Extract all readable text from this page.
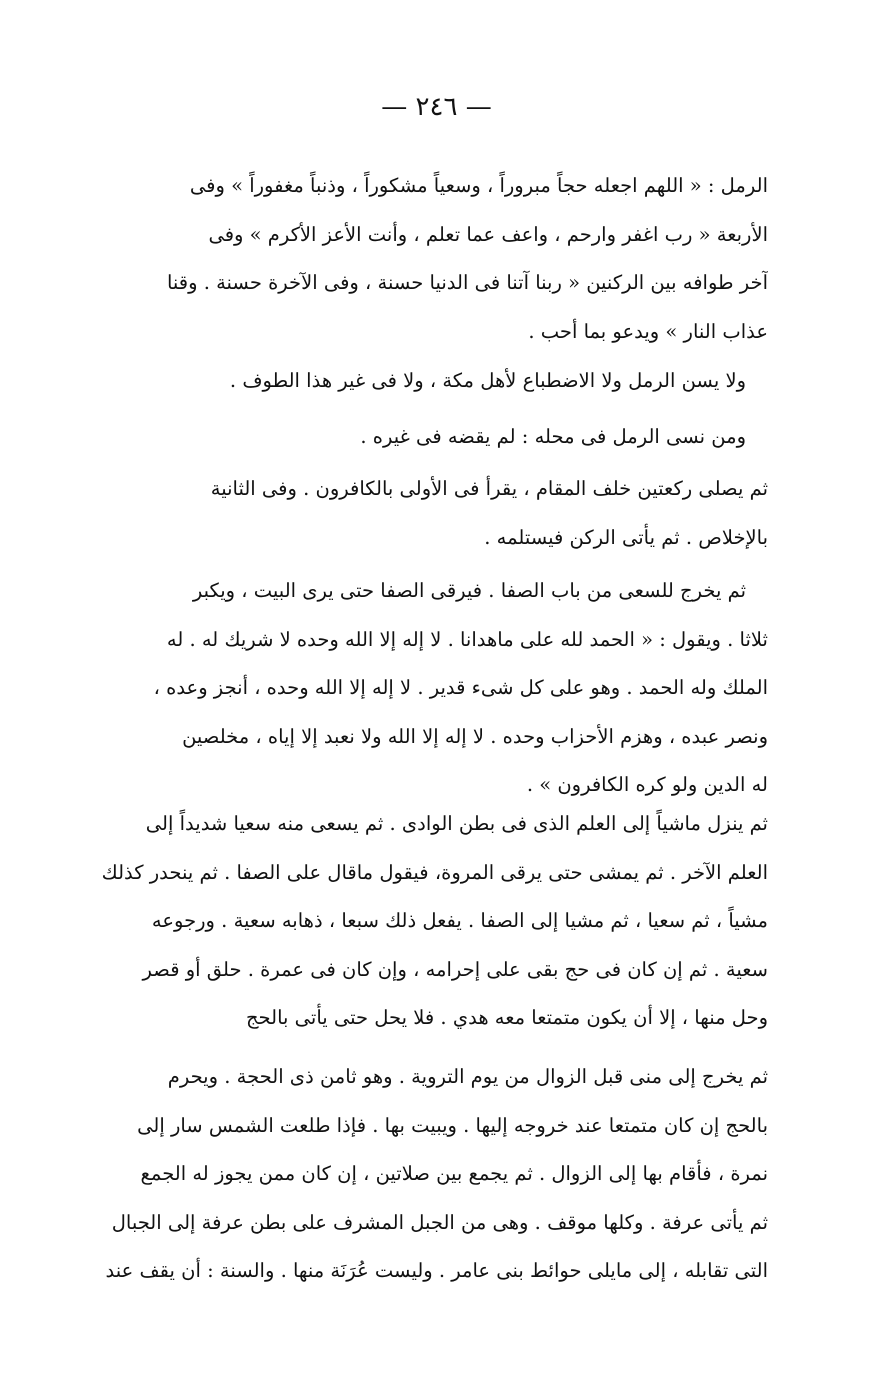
— ٢٤٦ —
الرمل : « اللهم اجعله حجاً مبروراً ، وسعياً مشكوراً ، وذنباً مغفوراً » وفى
الأربعة « رب اغفر وارحم ، واعف عما تعلم ، وأنت الأعز الأكرم » وفى
آخر طوافه بين الركنين « ربنا آتنا فى الدنيا حسنة ، وفى الآخرة حسنة . وقنا
عذاب النار » ويدعو بما أحب .
ولا يسن الرمل ولا الاضطباع لأهل مكة ، ولا فى غير هذا الطوف .
ومن نسى الرمل فى محله : لم يقضه فى غيره .
ثم يصلى ركعتين خلف المقام ، يقرأ فى الأولى بالكافرون . وفى الثانية
بالإخلاص . ثم يأتى الركن فيستلمه .
ثم يخرج للسعى من باب الصفا . فيرقى الصفا حتى يرى البيت ، ويكبر
ثلاثا . ويقول : « الحمد لله على ماهدانا . لا إله إلا الله وحده لا شريك له . له
الملك وله الحمد . وهو على كل شىء قدير . لا إله إلا الله وحده ، أنجز وعده ،
ونصر عبده ، وهزم الأحزاب وحده . لا إله إلا الله ولا نعبد إلا إياه ، مخلصين
له الدين ولو كره الكافرون » .
ثم ينزل ماشياً إلى العلم الذى فى بطن الوادى . ثم يسعى منه سعيا شديداً إلى
العلم الآخر . ثم يمشى حتى يرقى المروة، فيقول ماقال على الصفا . ثم ينحدر كذلك
مشياً ، ثم سعيا ، ثم مشيا إلى الصفا . يفعل ذلك سبعا ، ذهابه سعية . ورجوعه
سعية . ثم إن كان فى حج بقى على إحرامه ، وإن كان فى عمرة . حلق أو قصر
وحل منها ، إلا أن يكون متمتعا معه هدي . فلا يحل حتى يأتى بالحج
ثم يخرج إلى منى قبل الزوال من يوم التروية . وهو ثامن ذى الحجة . ويحرم
بالحج إن كان متمتعا عند خروجه إليها . ويبيت بها . فإذا طلعت الشمس سار إلى
نمرة ، فأقام بها إلى الزوال . ثم يجمع بين صلاتين ، إن كان ممن يجوز له الجمع
ثم يأتى عرفة . وكلها موقف . وهى من الجبل المشرف على بطن عرفة إلى الجبال
التى تقابله ، إلى مايلى حوائط بنى عامر . وليست عُرَنَة منها . والسنة : أن يقف عند
